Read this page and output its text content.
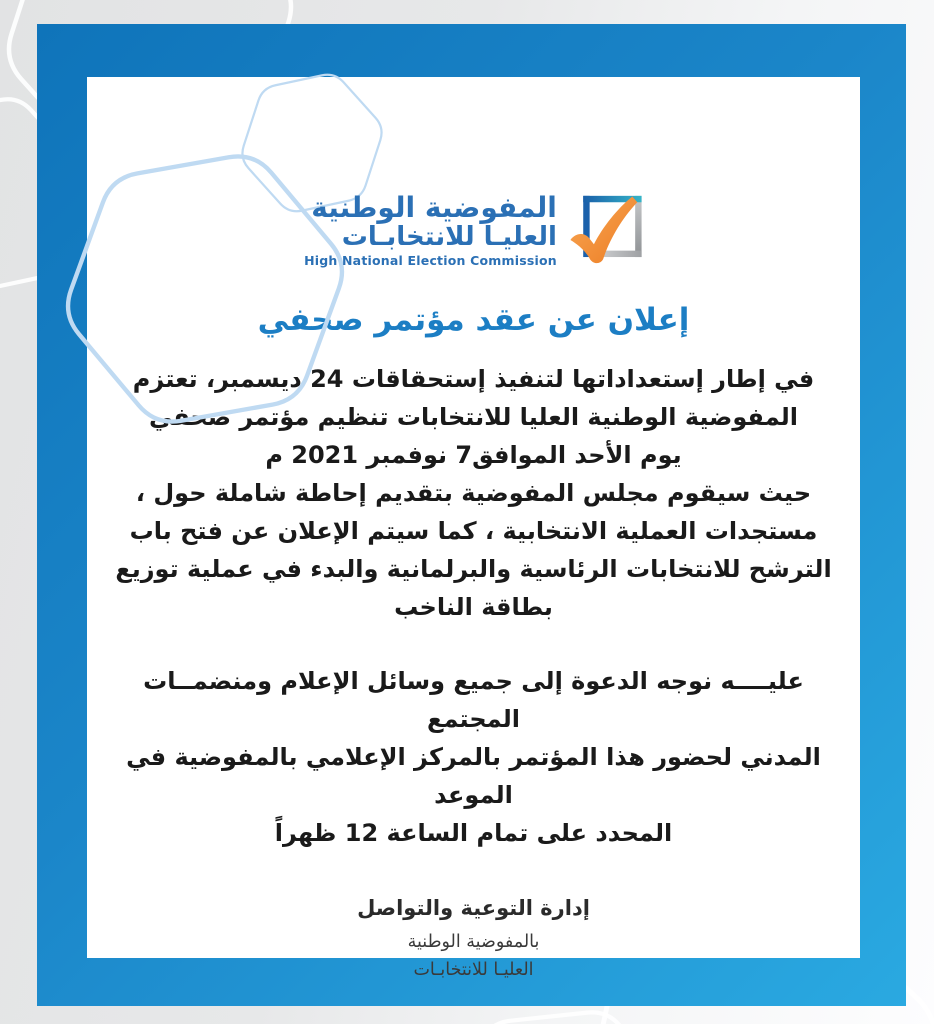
المفوضية الوطنية
العليـا للانتخابـات
High National Election Commission
إعلان عن عقد مؤتمر صحفي
في إطار إستعداداتها لتنفيذ إستحقاقات 24 ديسمبر، تعتزم
المفوضية الوطنية العليا للانتخابات تنظيم مؤتمر صحفي
يوم الأحد الموافق7 نوفمبر 2021 م
حيث سيقوم مجلس المفوضية بتقديم إحاطة شاملة حول ،
مستجدات العملية الانتخابية ، كما سيتم الإعلان عن فتح باب
الترشح للانتخابات الرئاسية والبرلمانية والبدء في عملية توزيع
بطاقة الناخب
عليــــه نوجه الدعوة إلى جميع وسائل الإعلام ومنضمــات المجتمع
المدني لحضور هذا المؤتمر بالمركز الإعلامي بالمفوضية في الموعد
المحدد على تمام الساعة 12 ظهراً
إدارة التوعية والتواصل
بالمفوضية الوطنية
العليـا للانتخابـات
